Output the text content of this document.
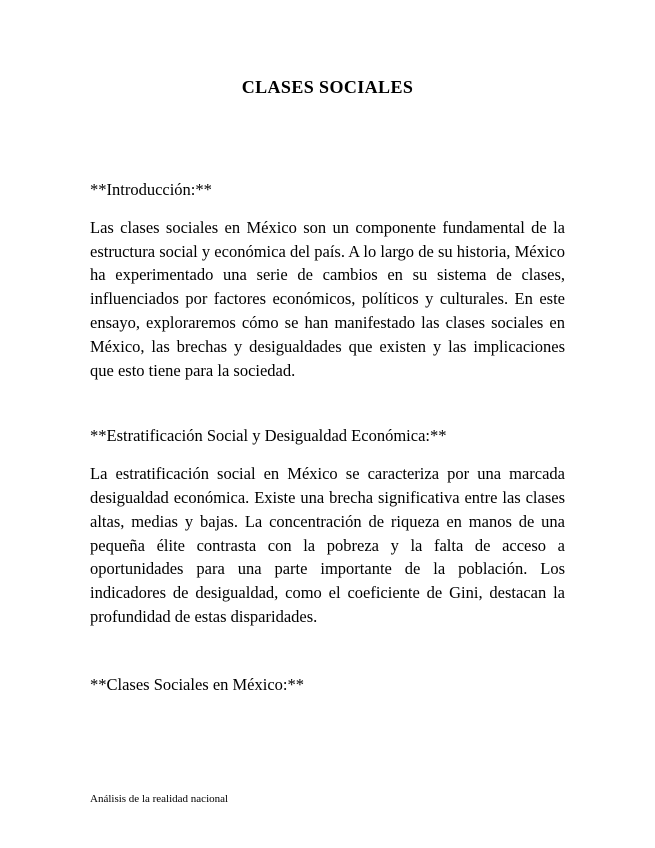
CLASES SOCIALES

**Introducción:**

Las clases sociales en México son un componente fundamental de la estructura social y económica del país. A lo largo de su historia, México ha experimentado una serie de cambios en su sistema de clases, influenciados por factores económicos, políticos y culturales. En este ensayo, exploraremos cómo se han manifestado las clases sociales en México, las brechas y desigualdades que existen y las implicaciones que esto tiene para la sociedad.

**Estratificación Social y Desigualdad Económica:**

La estratificación social en México se caracteriza por una marcada desigualdad económica. Existe una brecha significativa entre las clases altas, medias y bajas. La concentración de riqueza en manos de una pequeña élite contrasta con la pobreza y la falta de acceso a oportunidades para una parte importante de la población. Los indicadores de desigualdad, como el coeficiente de Gini, destacan la profundidad de estas disparidades.

**Clases Sociales en México:**

Análisis de la realidad nacional
